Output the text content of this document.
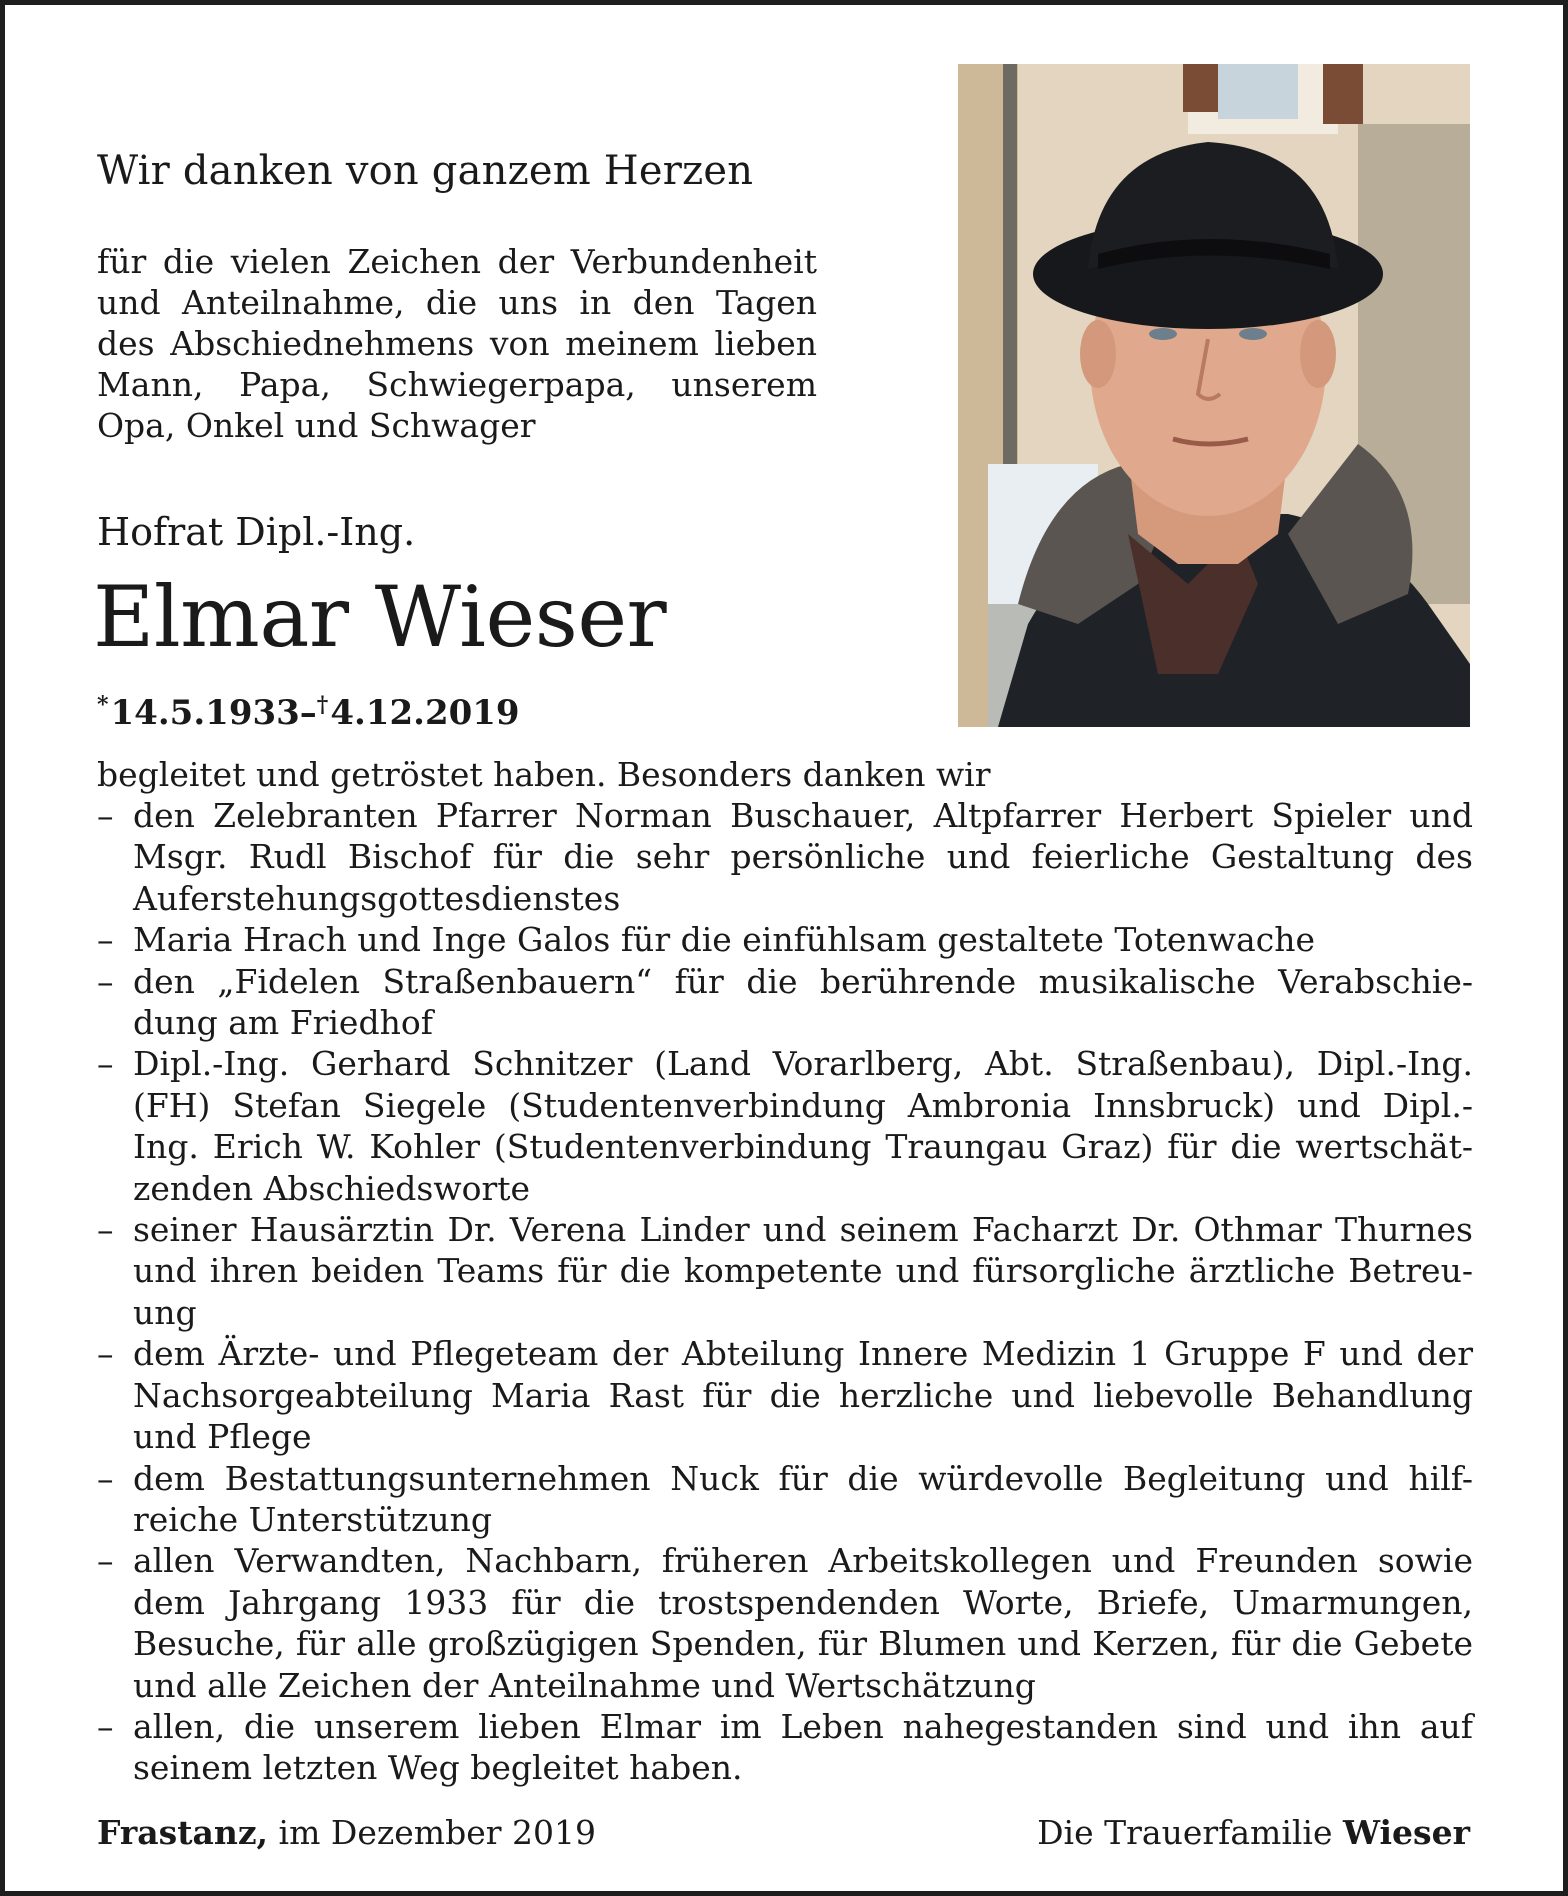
Wir danken von ganzem Herzen
für die vielen Zeichen der Verbundenheit
und Anteilnahme, die uns in den Tagen
des Abschiednehmens von meinem lieben
Mann, Papa, Schwiegerpapa, unserem
Opa, Onkel und Schwager
Hofrat Dipl.-Ing.
Elmar Wieser
*14.5.1933–†4.12.2019
begleitet und getröstet haben. Besonders danken wir
– den Zelebranten Pfarrer Norman Buschauer, Altpfarrer Herbert Spieler und
Msgr. Rudl Bischof für die sehr persönliche und feierliche Gestaltung des
Auferstehungsgottesdienstes
– Maria Hrach und Inge Galos für die einfühlsam gestaltete Totenwache
– den „Fidelen Straßenbauern“ für die berührende musikalische Verabschie-
dung am Friedhof
– Dipl.-Ing. Gerhard Schnitzer (Land Vorarlberg, Abt. Straßenbau), Dipl.-Ing.
(FH) Stefan Siegele (Studentenverbindung Ambronia Innsbruck) und Dipl.-
Ing. Erich W. Kohler (Studentenverbindung Traungau Graz) für die wertschät-
zenden Abschiedsworte
– seiner Hausärztin Dr. Verena Linder und seinem Facharzt Dr. Othmar Thurnes
und ihren beiden Teams für die kompetente und fürsorgliche ärztliche Betreu-
ung
– dem Ärzte- und Pflegeteam der Abteilung Innere Medizin 1 Gruppe F und der
Nachsorgeabteilung Maria Rast für die herzliche und liebevolle Behandlung
und Pflege
– dem Bestattungsunternehmen Nuck für die würdevolle Begleitung und hilf-
reiche Unterstützung
– allen Verwandten, Nachbarn, früheren Arbeitskollegen und Freunden sowie
dem Jahrgang 1933 für die trostspendenden Worte, Briefe, Umarmungen,
Besuche, für alle großzügigen Spenden, für Blumen und Kerzen, für die Gebete
und alle Zeichen der Anteilnahme und Wertschätzung
– allen, die unserem lieben Elmar im Leben nahegestanden sind und ihn auf
seinem letzten Weg begleitet haben.
Frastanz, im Dezember 2019	Die Trauerfamilie Wieser
